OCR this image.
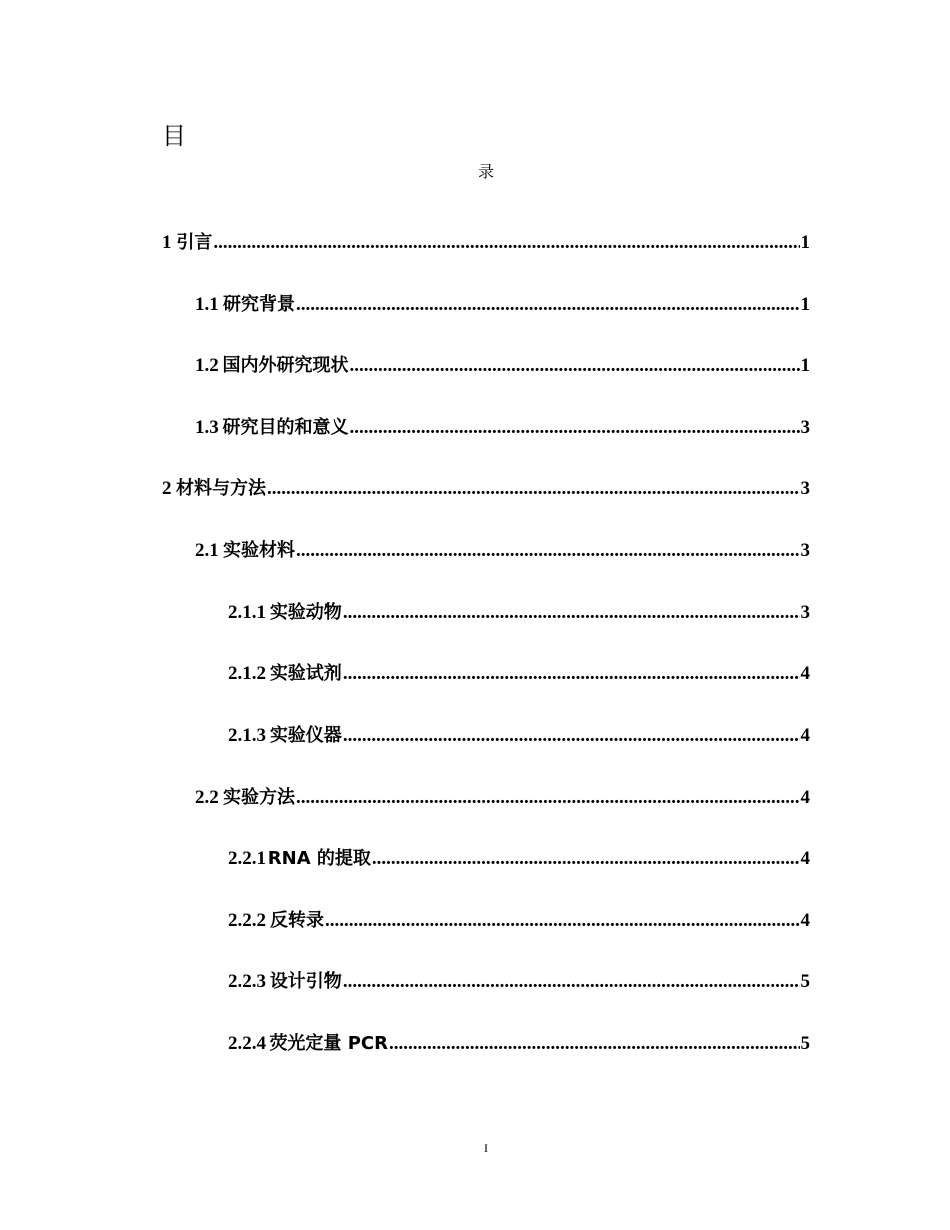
目
录
1 引言 .....	1
1.1 研究背景 .....	1
1.2 国内外研究现状 .....	1
1.3 研究目的和意义 .....	3
2 材料与方法 .....	3
2.1 实验材料 .....	3
2.1.1 实验动物 .....	3
2.1.2 实验试剂 .....	4
2.1.3 实验仪器 .....	4
2.2 实验方法 .....	4
2.2.1 RNA 的提取 .....	4
2.2.2 反转录 .....	4
2.2.3 设计引物 .....	5
2.2.4 荧光定量 PCR .....	5
I
